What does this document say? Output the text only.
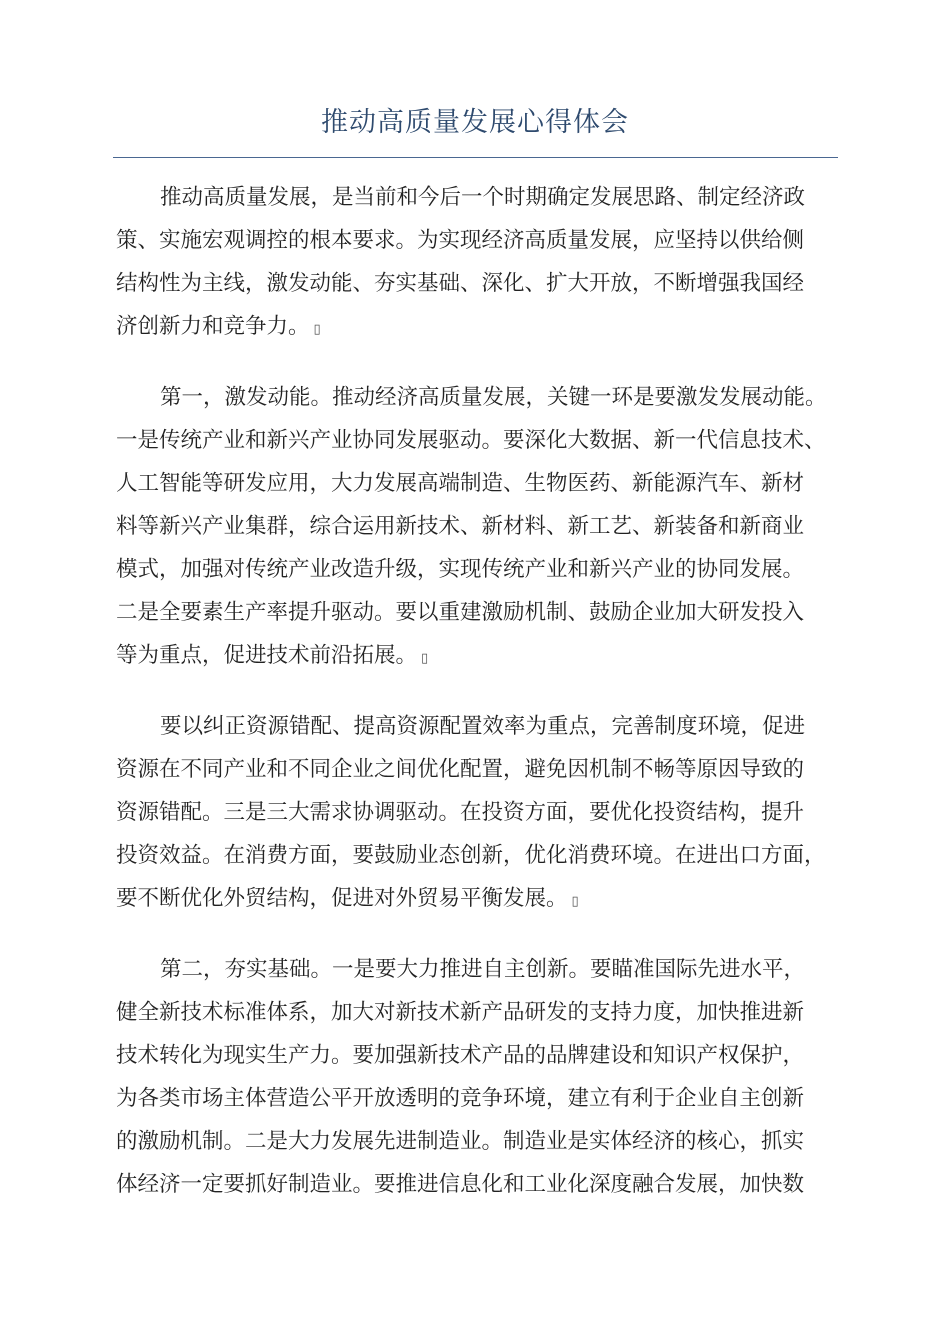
推动高质量发展心得体会

推动高质量发展，是当前和今后一个时期确定发展思路、制定经济政
策、实施宏观调控的根本要求。为实现经济高质量发展，应坚持以供给侧
结构性为主线，激发动能、夯实基础、深化、扩大开放，不断增强我国经
济创新力和竞争力。 ▯

第一，激发动能。推动经济高质量发展，关键一环是要激发发展动能。
一是传统产业和新兴产业协同发展驱动。要深化大数据、新一代信息技术、
人工智能等研发应用，大力发展高端制造、生物医药、新能源汽车、新材
料等新兴产业集群，综合运用新技术、新材料、新工艺、新装备和新商业
模式，加强对传统产业改造升级，实现传统产业和新兴产业的协同发展。
二是全要素生产率提升驱动。要以重建激励机制、鼓励企业加大研发投入
等为重点，促进技术前沿拓展。 ▯

要以纠正资源错配、提高资源配置效率为重点，完善制度环境，促进
资源在不同产业和不同企业之间优化配置，避免因机制不畅等原因导致的
资源错配。三是三大需求协调驱动。在投资方面，要优化投资结构，提升
投资效益。在消费方面，要鼓励业态创新，优化消费环境。在进出口方面，
要不断优化外贸结构，促进对外贸易平衡发展。 ▯

第二，夯实基础。一是要大力推进自主创新。要瞄准国际先进水平，
健全新技术标准体系，加大对新技术新产品研发的支持力度，加快推进新
技术转化为现实生产力。要加强新技术产品的品牌建设和知识产权保护，
为各类市场主体营造公平开放透明的竞争环境，建立有利于企业自主创新
的激励机制。二是大力发展先进制造业。制造业是实体经济的核心，抓实
体经济一定要抓好制造业。要推进信息化和工业化深度融合发展，加快数
